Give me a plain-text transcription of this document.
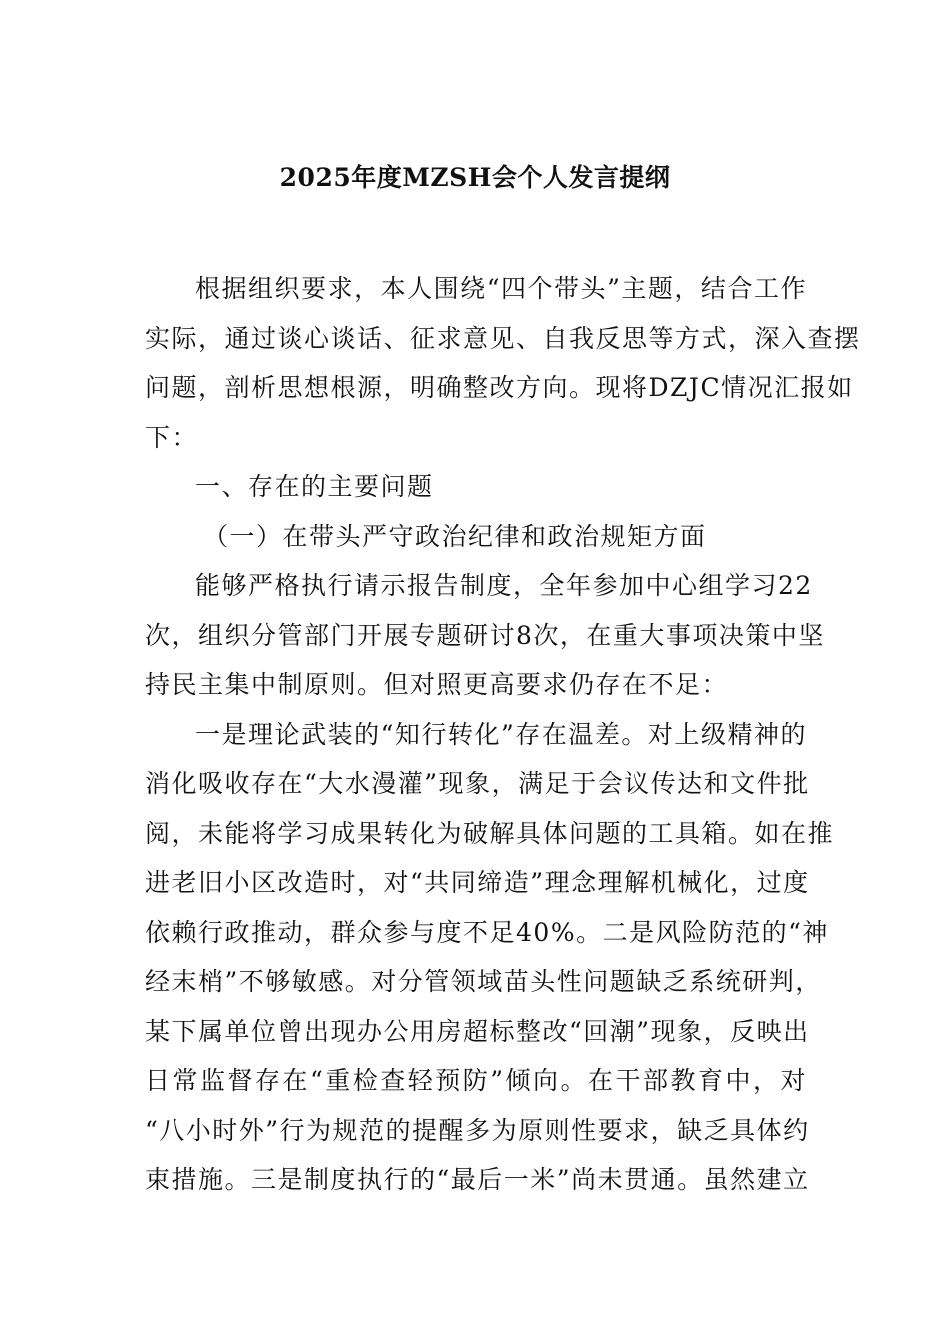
2025年度MZSH会个人发言提纲
根据组织要求，本人围绕“四个带头”主题，结合工作
实际，通过谈心谈话、征求意见、自我反思等方式，深入查摆
问题，剖析思想根源，明确整改方向。现将DZJC情况汇报如
下：
一、存在的主要问题
（一）在带头严守政治纪律和政治规矩方面
能够严格执行请示报告制度，全年参加中心组学习22
次，组织分管部门开展专题研讨8次，在重大事项决策中坚
持民主集中制原则。但对照更高要求仍存在不足：
一是理论武装的“知行转化”存在温差。对上级精神的
消化吸收存在“大水漫灌”现象，满足于会议传达和文件批
阅，未能将学习成果转化为破解具体问题的工具箱。如在推
进老旧小区改造时，对“共同缔造”理念理解机械化，过度
依赖行政推动，群众参与度不足40%。二是风险防范的“神
经末梢”不够敏感。对分管领域苗头性问题缺乏系统研判，
某下属单位曾出现办公用房超标整改“回潮”现象，反映出
日常监督存在“重检查轻预防”倾向。在干部教育中，对
“八小时外”行为规范的提醒多为原则性要求，缺乏具体约
束措施。三是制度执行的“最后一米”尚未贯通。虽然建立
